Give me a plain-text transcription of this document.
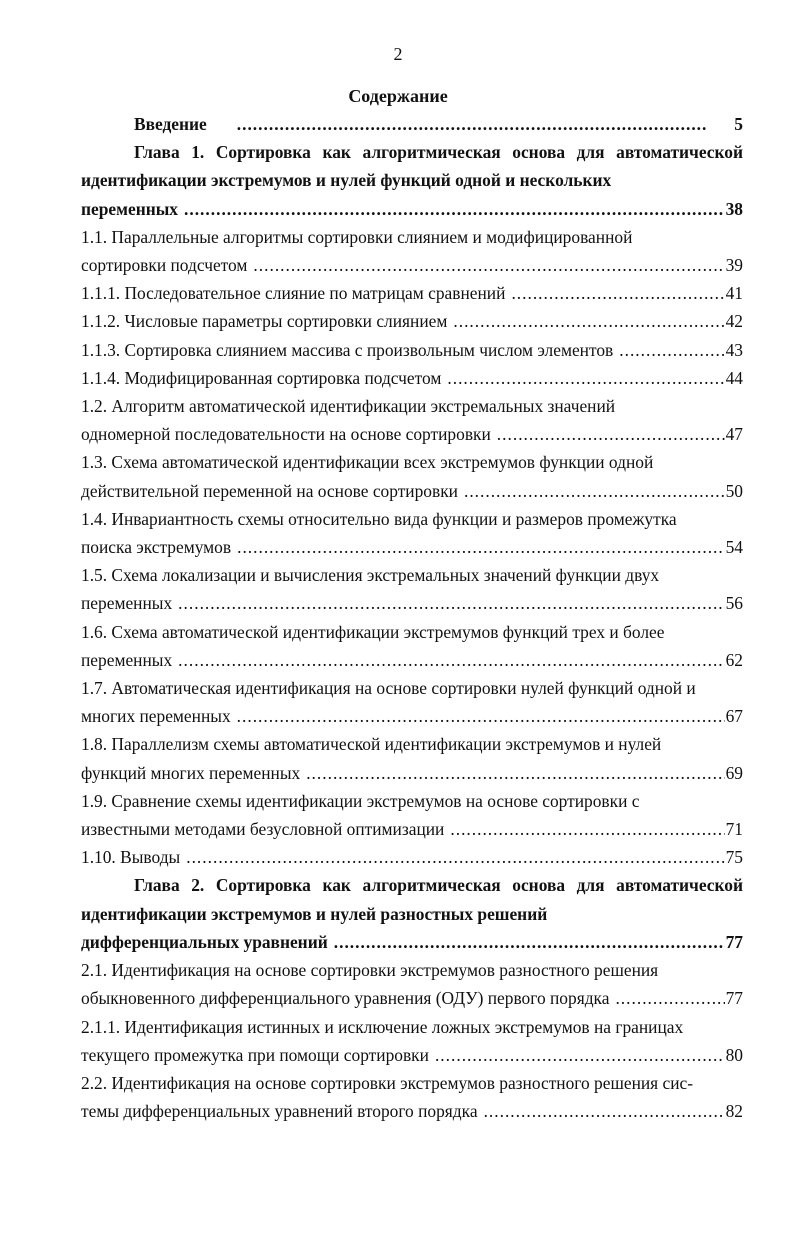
2
Содержание
Введение .....	5
Глава 1. Сортировка как алгоритмическая основа для автоматической
идентификации экстремумов и нулей функций одной и нескольких
переменных .....	38
1.1. Параллельные алгоритмы сортировки слиянием и модифицированной
сортировки подсчетом .....	39
1.1.1. Последовательное слияние по матрицам сравнений .....	41
1.1.2. Числовые параметры сортировки слиянием .....	42
1.1.3. Сортировка слиянием массива с произвольным числом элементов .....	43
1.1.4. Модифицированная сортировка подсчетом .....	44
1.2. Алгоритм автоматической идентификации экстремальных значений
одномерной последовательности на основе сортировки .....	47
1.3. Схема автоматической идентификации всех экстремумов функции одной
действительной переменной на основе сортировки .....	50
1.4. Инвариантность схемы относительно вида функции и размеров промежутка
поиска экстремумов .....	54
1.5. Схема локализации и вычисления экстремальных значений функции двух
переменных .....	56
1.6. Схема автоматической идентификации экстремумов функций трех и более
переменных .....	62
1.7. Автоматическая идентификация на основе сортировки нулей функций одной и
многих переменных .....	67
1.8. Параллелизм схемы автоматической идентификации экстремумов и нулей
функций многих переменных .....	69
1.9. Сравнение схемы идентификации экстремумов на основе сортировки с
известными методами безусловной оптимизации .....	71
1.10. Выводы .....	75
Глава 2. Сортировка как алгоритмическая основа для автоматической
идентификации экстремумов и нулей разностных решений
дифференциальных уравнений .....	77
2.1. Идентификация на основе сортировки экстремумов разностного решения
обыкновенного дифференциального уравнения (ОДУ) первого порядка .....	77
2.1.1. Идентификация истинных и исключение ложных экстремумов на границах
текущего промежутка при помощи сортировки .....	80
2.2. Идентификация на основе сортировки экстремумов разностного решения сис-
темы дифференциальных уравнений второго порядка .....	82
